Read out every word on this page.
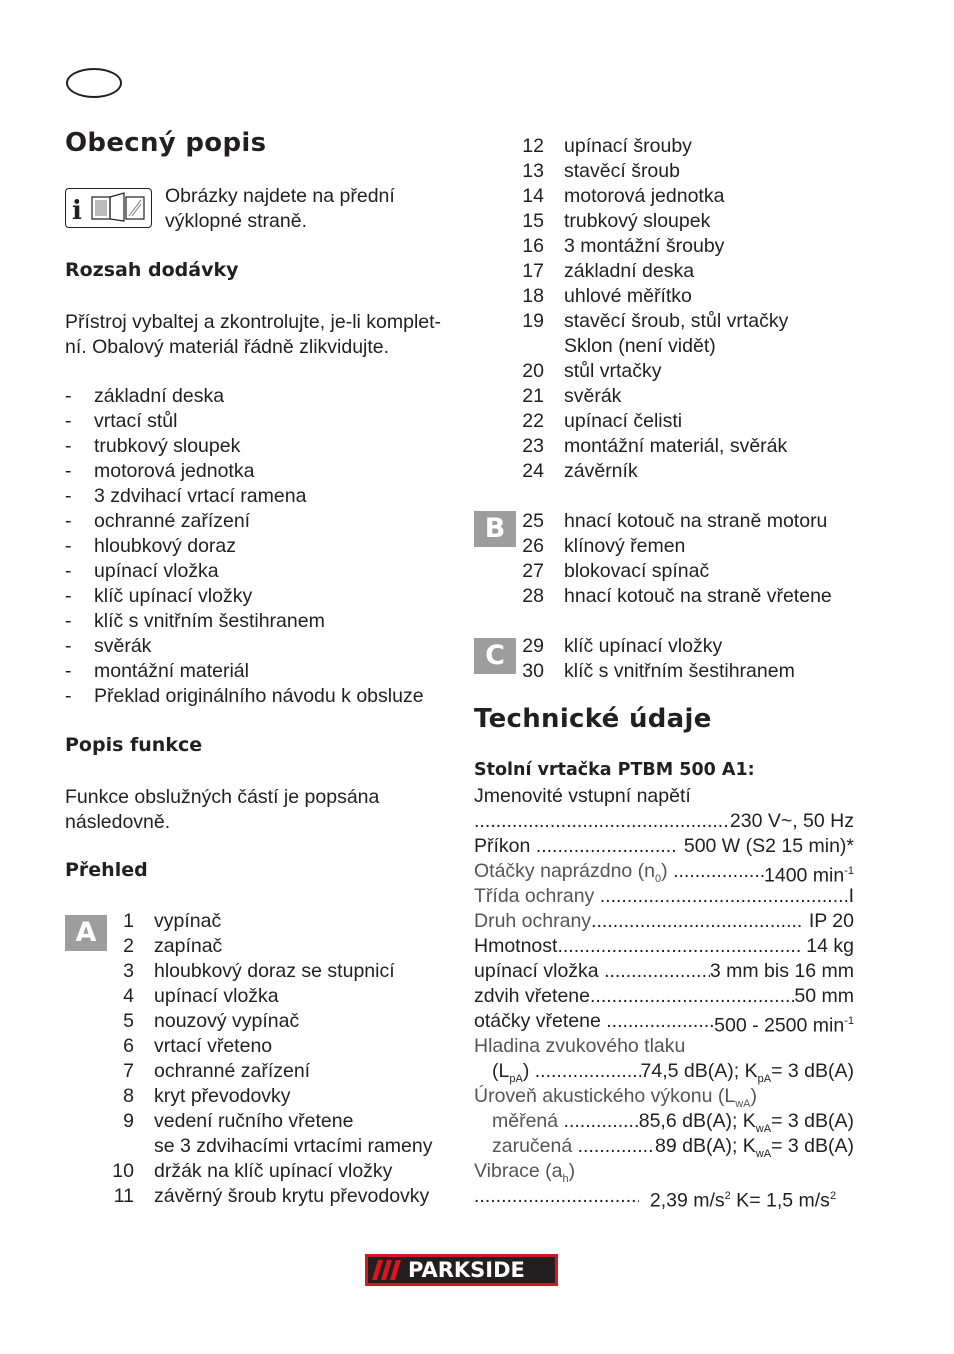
Obecný popis
i	Obrázky najdete na přední
výklopné straně.
Rozsah dodávky
Přístroj vybaltej a zkontrolujte, je-li komplet-
ní. Obalový materiál řádně zlikvidujte.
- základní deska
- vrtací stůl
- trubkový sloupek
- motorová jednotka
- 3 zdvihací vrtací ramena
- ochranné zařízení
- hloubkový doraz
- upínací vložka
- klíč upínací vložky
- klíč s vnitřním šestihranem
- svěrák
- montážní materiál
- Překlad originálního návodu k obsluze
Popis funkce
Funkce obslužných částí je popsána
následovně.
Přehled
A	1 vypínač
2 zapínač
3 hloubkový doraz se stupnicí
4 upínací vložka
5 nouzový vypínač
6 vrtací vřeteno
7 ochranné zařízení
8 kryt převodovky
9 vedení ručního vřetene
se 3 zdvihacími vrtacími rameny
10 držák na klíč upínací vložky
11 závěrný šroub krytu převodovky
12 upínací šrouby
13 stavěcí šroub
14 motorová jednotka
15 trubkový sloupek
16 3 montážní šrouby
17 základní deska
18 uhlové měřítko
19 stavěcí šroub, stůl vrtačky
Sklon (není vidět)
20 stůl vrtačky
21 svěrák
22 upínací čelisti
23 montážní materiál, svěrák
24 závěrník
B 25 hnací kotouč na straně motoru
26 klínový řemen
27 blokovací spínač
28 hnací kotouč na straně vřetene
C 29 klíč upínací vložky
30 klíč s vnitřním šestihranem
Technické údaje
Stolní vrtačka PTBM 500 A1:
Jmenovité vstupní napětí
.....
230 V~, 50 Hz
Příkon
.....
	500 W (S2 15 min)*
Otáčky naprázdno $(n_0)$
.....	1400 $\min^{-1}$
Třída ochrany
.....	I
Druh ochrany .....
	IP 20
Hmotnost .....
	14 kg
upínací vložka
.....	3 mm bis 16 mm
zdvih vřetene .....	50 mm
otáčky vřetene
.....	500 - 2500 $\min^{-1}$
Hladina zvukového tlaku
$(L_{pA})$
.....	74,5 dB(A); $K_{pA}= 3$ dB(A)
Úroveň akustického výkonu $(L_{wA})$
měřená
.....	85,6 dB(A); $K_{wA}= 3$ dB(A)
zaručená
.....	89 dB(A); $K_{wA}= 3$ dB(A)
Vibrace $(a_h)$
.....

2,39 $m/s^2$ K= 1,5 $m/s^2$
PARKSIDE
